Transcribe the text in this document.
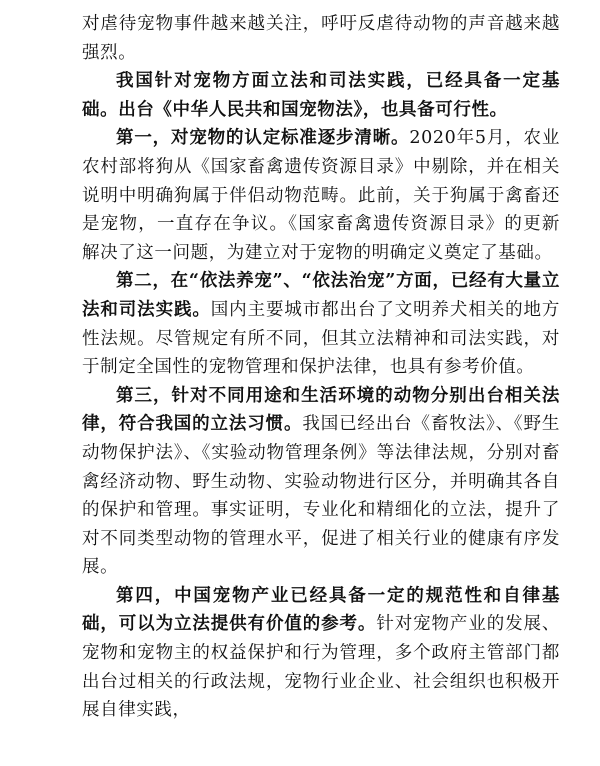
对虐待宠物事件越来越关注，呼吁反虐待动物的声音越来越强烈。

我国针对宠物方面立法和司法实践，已经具备一定基础。出台《中华人民共和国宠物法》，也具备可行性。

第一，对宠物的认定标准逐步清晰。2020年5月，农业农村部将狗从《国家畜禽遗传资源目录》中剔除，并在相关说明中明确狗属于伴侣动物范畴。此前，关于狗属于禽畜还是宠物，一直存在争议。《国家畜禽遗传资源目录》的更新解决了这一问题，为建立对于宠物的明确定义奠定了基础。

第二，在“依法养宠”、“依法治宠”方面，已经有大量立法和司法实践。国内主要城市都出台了文明养犬相关的地方性法规。尽管规定有所不同，但其立法精神和司法实践，对于制定全国性的宠物管理和保护法律，也具有参考价值。

第三，针对不同用途和生活环境的动物分别出台相关法律，符合我国的立法习惯。我国已经出台《畜牧法》、《野生动物保护法》、《实验动物管理条例》等法律法规，分别对畜禽经济动物、野生动物、实验动物进行区分，并明确其各自的保护和管理。事实证明，专业化和精细化的立法，提升了对不同类型动物的管理水平，促进了相关行业的健康有序发展。

第四，中国宠物产业已经具备一定的规范性和自律基础，可以为立法提供有价值的参考。针对宠物产业的发展、宠物和宠物主的权益保护和行为管理，多个政府主管部门都出台过相关的行政法规，宠物行业企业、社会组织也积极开展自律实践，
